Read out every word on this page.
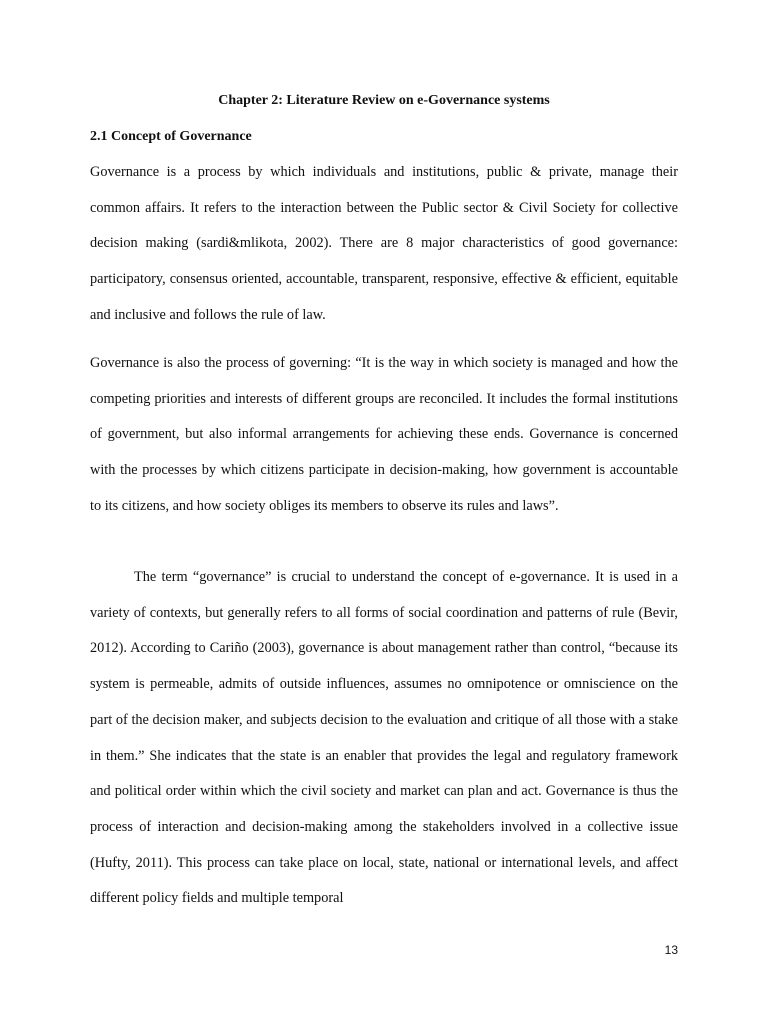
Chapter 2: Literature Review on e-Governance systems
2.1 Concept of Governance

Governance is a process by which individuals and institutions, public & private, manage their common affairs. It refers to the interaction between the Public sector & Civil Society for collective decision making (sardi&mlikota, 2002). There are 8 major characteristics of good governance: participatory, consensus oriented, accountable, transparent, responsive, effective & efficient, equitable and inclusive and follows the rule of law.

Governance is also the process of governing: “It is the way in which society is managed and how the competing priorities and interests of different groups are reconciled. It includes the formal institutions of government, but also informal arrangements for achieving these ends. Governance is concerned with the processes by which citizens participate in decision-making, how government is accountable to its citizens, and how society obliges its members to observe its rules and laws”.

The term “governance” is crucial to understand the concept of e-governance. It is used in a variety of contexts, but generally refers to all forms of social coordination and patterns of rule (Bevir, 2012). According to Cariño (2003), governance is about management rather than control, “because its system is permeable, admits of outside influences, assumes no omnipotence or omniscience on the part of the decision maker, and subjects decision to the evaluation and critique of all those with a stake in them.” She indicates that the state is an enabler that provides the legal and regulatory framework and political order within which the civil society and market can plan and act. Governance is thus the process of interaction and decision-making among the stakeholders involved in a collective issue (Hufty, 2011). This process can take place on local, state, national or international levels, and affect different policy fields and multiple temporal

13
